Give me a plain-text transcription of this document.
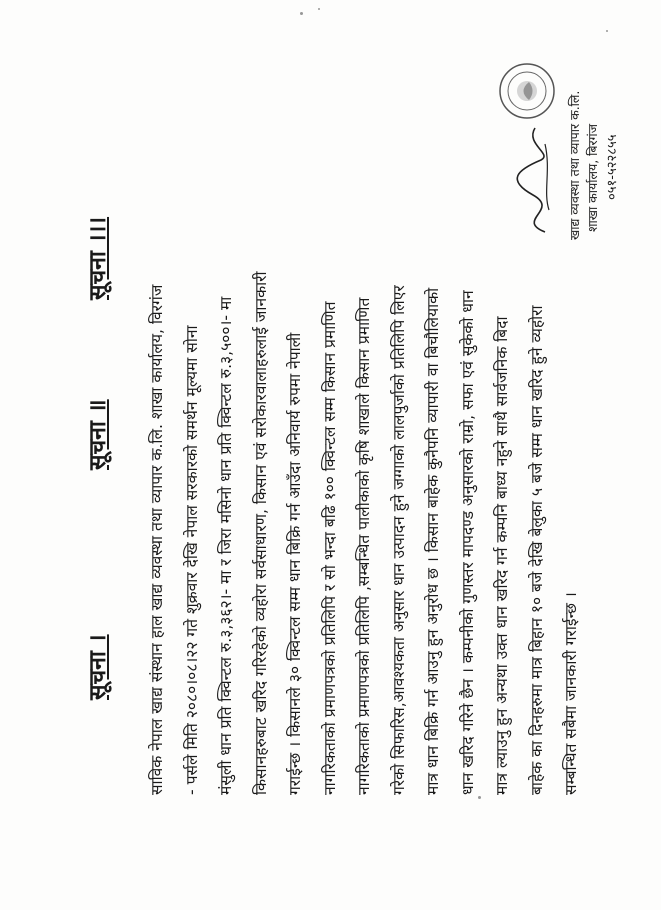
सूचना ।
सूचना ॥
सूचना ।।।
साविक नेपाल खाद्य संस्थान हाल खाद्य व्यवस्था तथा व्यापार क.लि. शाखा कार्यालय, विरगंज	- पर्सले मिति २०८०।०८।२२ गते शुक्रवार देखि नेपाल सरकारको समर्थन मूल्यमा सोना	मंसुली धान प्रति क्विन्टल रु.३,३६२।- मा र जिरा मसिनो धान प्रति क्विन्टल रु.३,५००।- मा	किसानहरुबाट खरिद गरिरहेको व्यहोरा सर्वसाधारण, किसान एवं सरोकारवालाहरुलाई जानकारी	गराईन्छ । किसानले ३० क्विन्टल सम्म धान बिक्रि गर्न आउँदा अनिवार्य रुपमा नेपाली	नागरिकताको प्रमाणपत्रको प्रतिलिपि र सो भन्दा बढि १०० क्विन्टल सम्म किसान प्रमाणित	नागरिकताको प्रमाणपत्रको प्रतिलिपि ,सम्बन्धित पालीकाको कृषि शाखाले किसान प्रमाणित	गरेको सिफारिस,आवश्यकता अनुसार धान उत्पादन हुने जग्गाको लालपुर्जाको प्रतिलिपि लिएर	मात्र धान बिक्रि गर्न आउनु हुन अनुरोध छ । किसान बाहेक कुनैपनि व्यापारी वा बिचौलियाको	धान खरिद गरिने छैन । कम्पनीको गुणस्तर मापदण्ड अनुसारको राम्रो, सफा एवं सुकेको धान	मात्र ल्याउनु हुन अन्यथा उक्त धान खरिद गर्न कम्पनि बाध्य नहुने साथै सार्वजनिक बिदा	बाहेक का दिनहरुमा मात्र बिहान १० बजे देखि बेलुका ५ बजे सम्म धान खरिद हुने व्यहोरा	सम्बन्धित सबैमा जानकारी गराईन्छ ।
खाद्य व्यवस्था तथा व्यापार क.लि. शाखा कार्यालय, बिरगंज ०५१-५२२८५५
